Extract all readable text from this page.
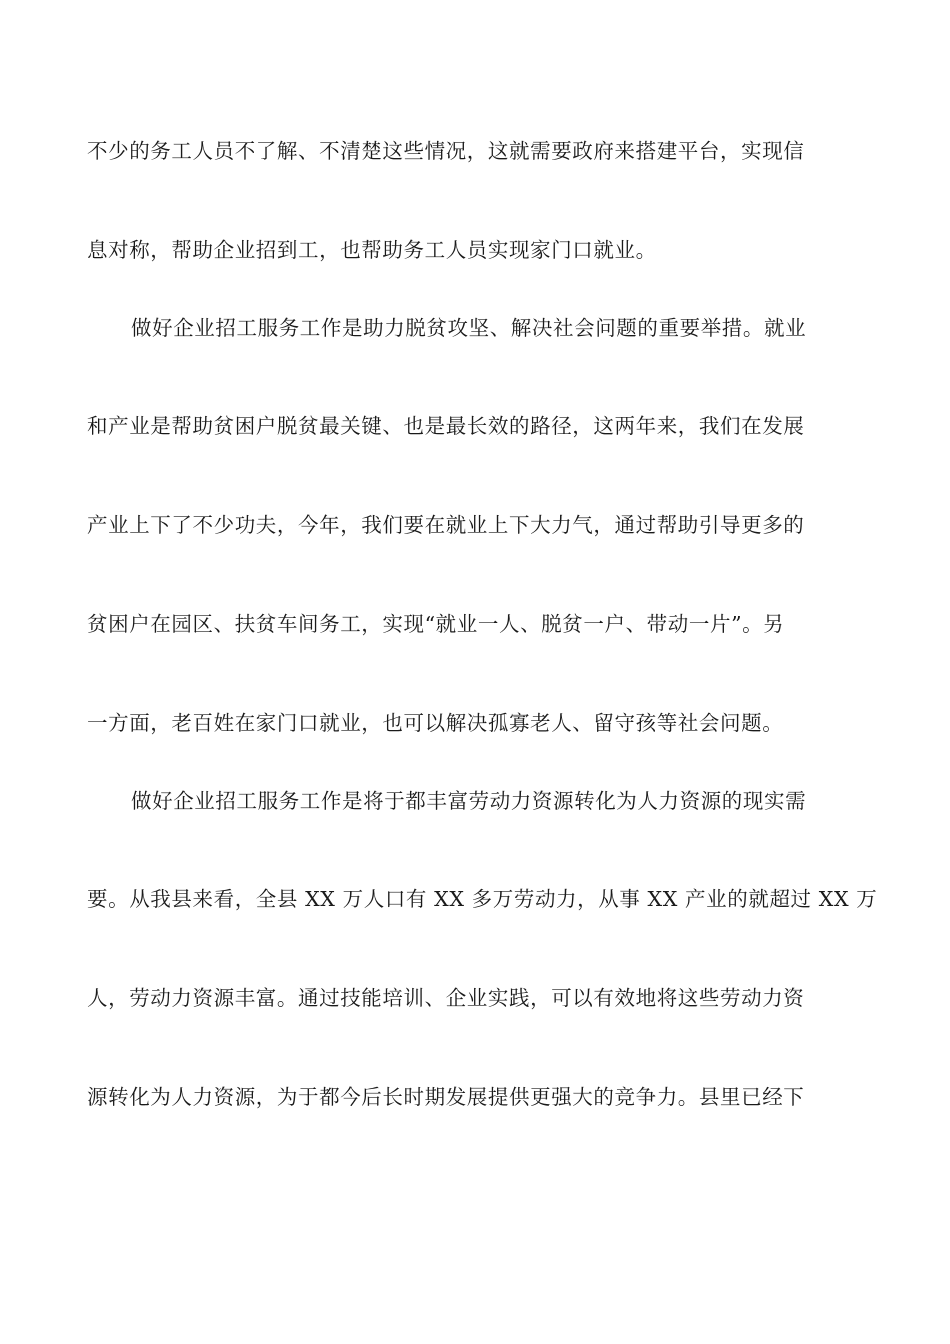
不少的务工人员不了解、不清楚这些情况，这就需要政府来搭建平台，实现信
息对称，帮助企业招到工，也帮助务工人员实现家门口就业。
做好企业招工服务工作是助力脱贫攻坚、解决社会问题的重要举措。就业
和产业是帮助贫困户脱贫最关键、也是最长效的路径，这两年来，我们在发展
产业上下了不少功夫，今年，我们要在就业上下大力气，通过帮助引导更多的
贫困户在园区、扶贫车间务工，实现“就业一人、脱贫一户、带动一片”。另
一方面，老百姓在家门口就业，也可以解决孤寡老人、留守孩等社会问题。
做好企业招工服务工作是将于都丰富劳动力资源转化为人力资源的现实需
要。从我县来看，全县 XX 万人口有 XX 多万劳动力，从事 XX 产业的就超过 XX 万
人，劳动力资源丰富。通过技能培训、企业实践，可以有效地将这些劳动力资
源转化为人力资源，为于都今后长时期发展提供更强大的竞争力。县里已经下
